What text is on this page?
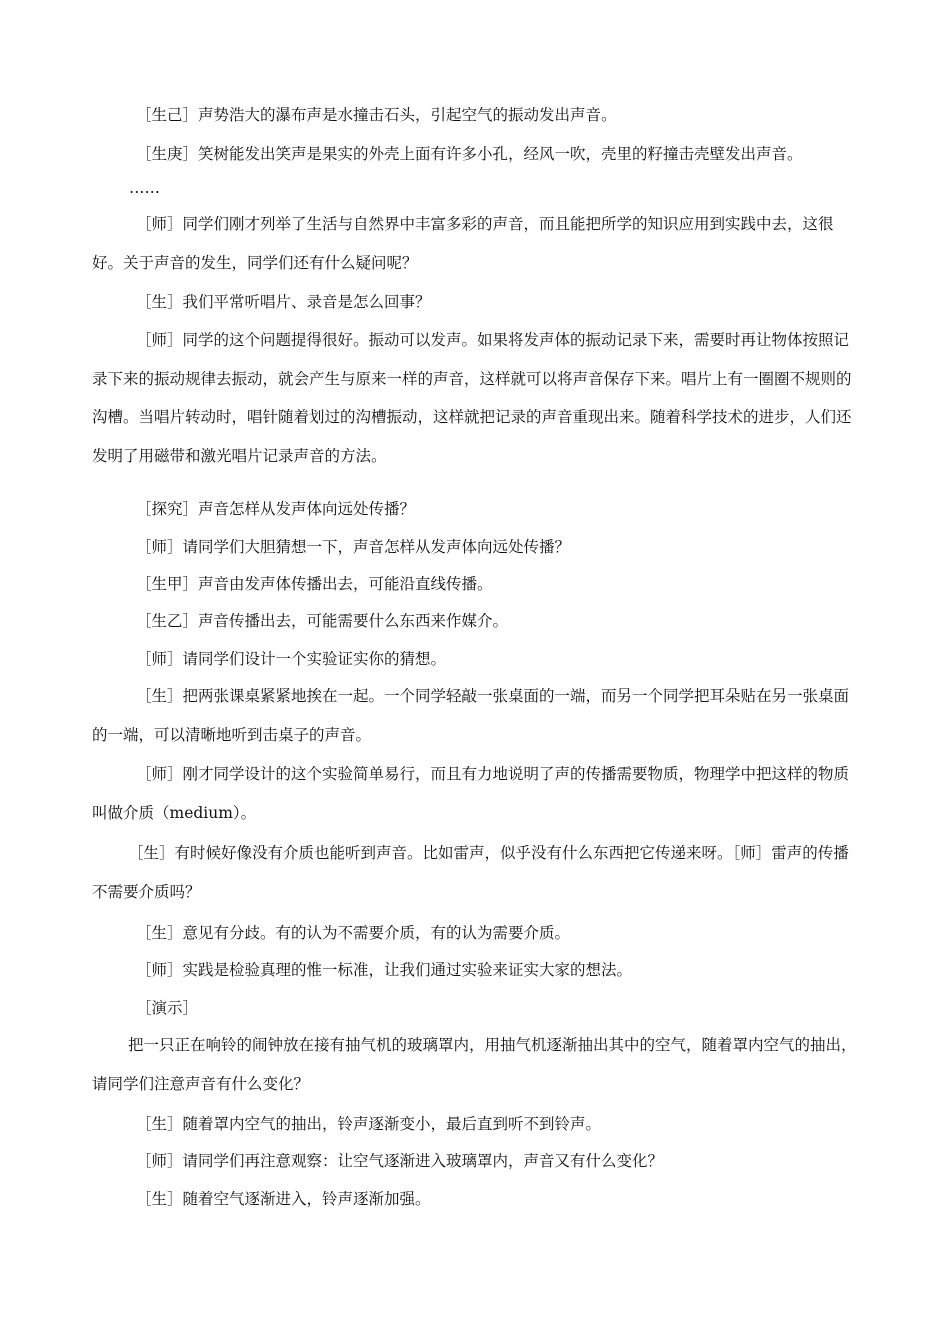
［生己］声势浩大的瀑布声是水撞击石头，引起空气的振动发出声音。

［生庚］笑树能发出笑声是果实的外壳上面有许多小孔，经风一吹，壳里的籽撞击壳壁发出声音。

……

［师］同学们刚才列举了生活与自然界中丰富多彩的声音，而且能把所学的知识应用到实践中去，这很好。关于声音的发生，同学们还有什么疑问呢？

［生］我们平常听唱片、录音是怎么回事？

［师］同学的这个问题提得很好。振动可以发声。如果将发声体的振动记录下来，需要时再让物体按照记录下来的振动规律去振动，就会产生与原来一样的声音，这样就可以将声音保存下来。唱片上有一圈圈不规则的沟槽。当唱片转动时，唱针随着划过的沟槽振动，这样就把记录的声音重现出来。随着科学技术的进步，人们还发明了用磁带和激光唱片记录声音的方法。

［探究］声音怎样从发声体向远处传播？

［师］请同学们大胆猜想一下，声音怎样从发声体向远处传播？

［生甲］声音由发声体传播出去，可能沿直线传播。

［生乙］声音传播出去，可能需要什么东西来作媒介。

［师］请同学们设计一个实验证实你的猜想。

［生］把两张课桌紧紧地挨在一起。一个同学轻敲一张桌面的一端，而另一个同学把耳朵贴在另一张桌面的一端，可以清晰地听到击桌子的声音。

［师］刚才同学设计的这个实验简单易行，而且有力地说明了声的传播需要物质，物理学中把这样的物质叫做介质（medium）。

［生］有时候好像没有介质也能听到声音。比如雷声，似乎没有什么东西把它传递来呀。［师］雷声的传播不需要介质吗？

［生］意见有分歧。有的认为不需要介质，有的认为需要介质。

［师］实践是检验真理的惟一标准，让我们通过实验来证实大家的想法。

［演示］

把一只正在响铃的闹钟放在接有抽气机的玻璃罩内，用抽气机逐渐抽出其中的空气，随着罩内空气的抽出，请同学们注意声音有什么变化？

［生］随着罩内空气的抽出，铃声逐渐变小，最后直到听不到铃声。

［师］请同学们再注意观察：让空气逐渐进入玻璃罩内，声音又有什么变化？

［生］随着空气逐渐进入，铃声逐渐加强。
